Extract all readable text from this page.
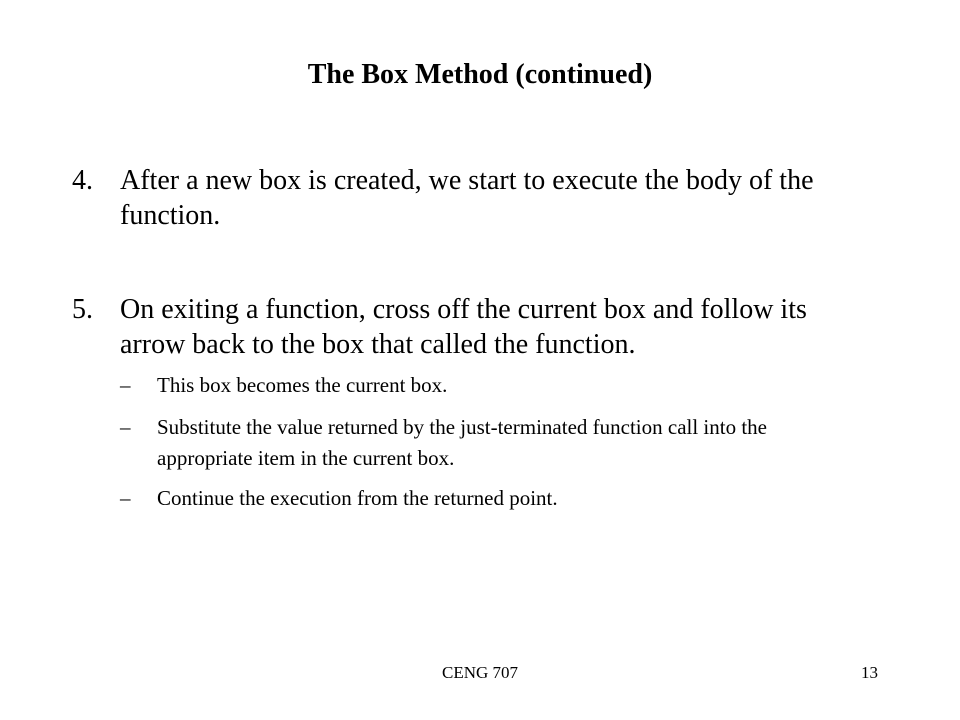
The Box Method (continued)
4. After a new box is created, we start to execute the body of the function.
5. On exiting a function, cross off the current box and follow its arrow back to the box that called the function.
–	This box becomes the current box.
–	Substitute the value returned by the just-terminated function call into the appropriate item in the current box.
–	Continue the execution from the returned point.
CENG 707	13
